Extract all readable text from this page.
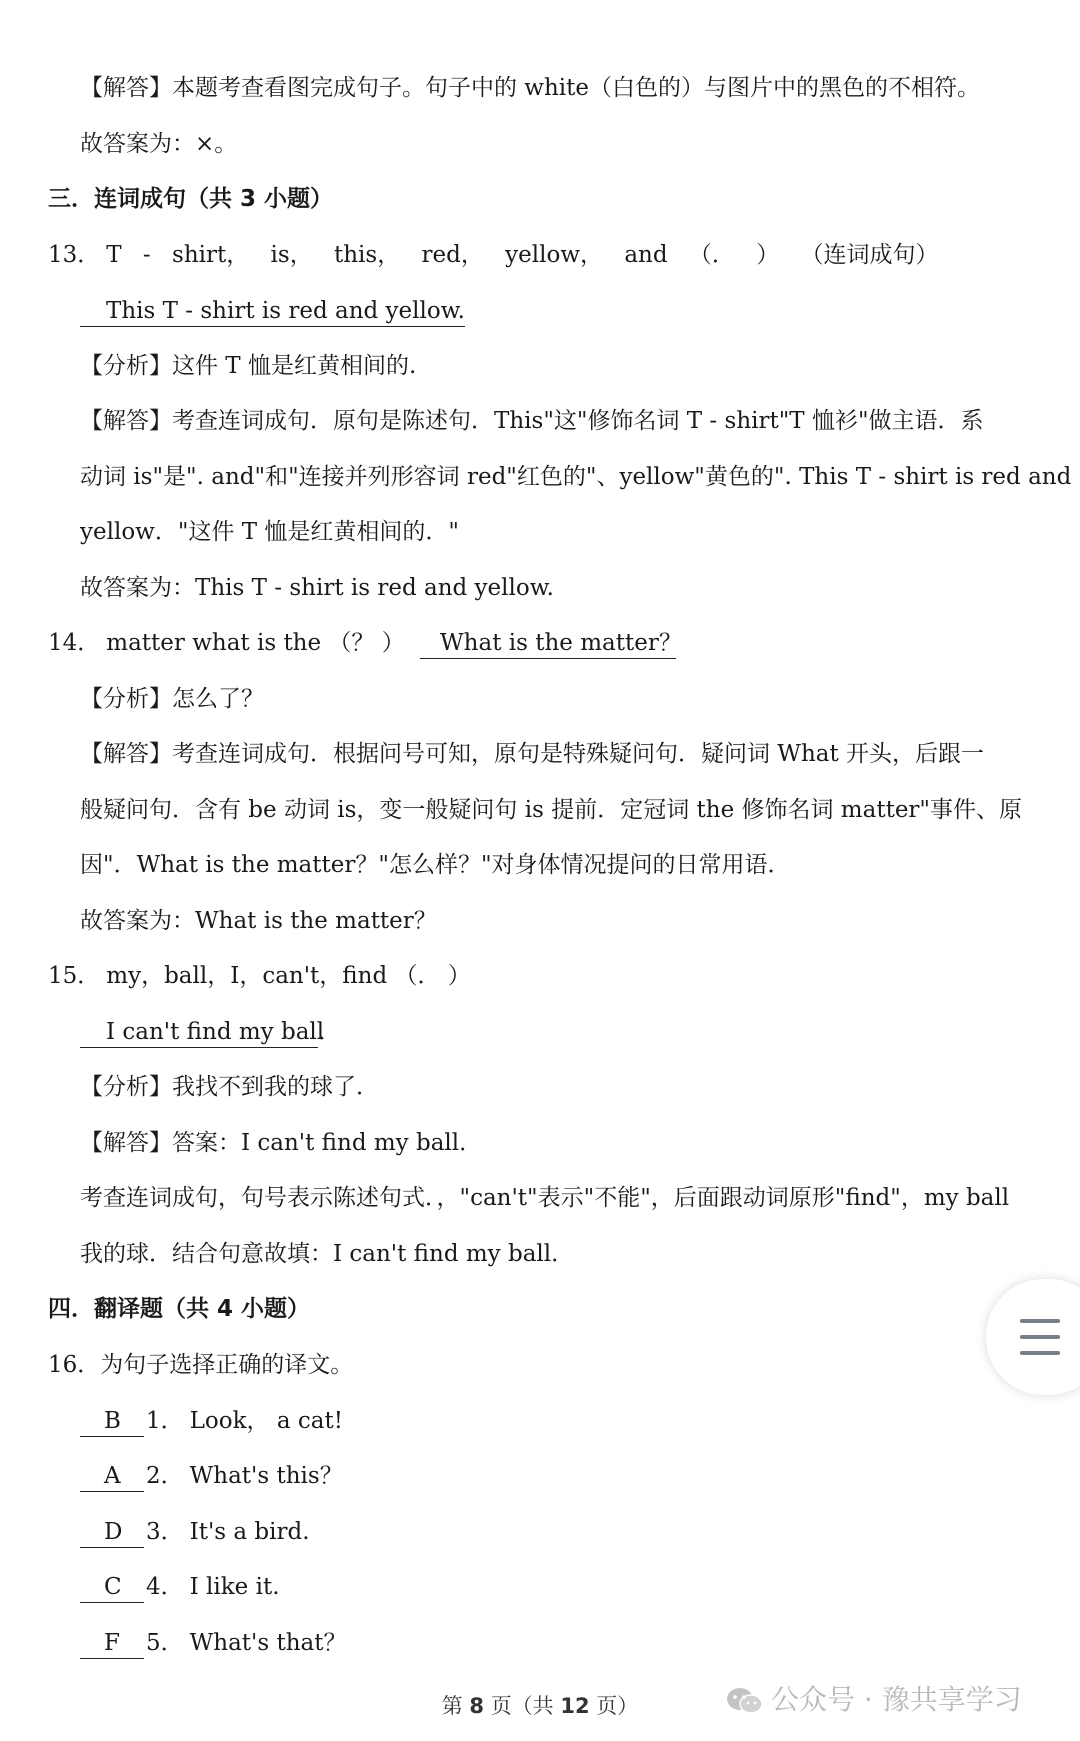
【解答】本题考查看图完成句子。句子中的 white（白色的）与图片中的黑色的不相符。
故答案为：×。
三．连词成句（共 3 小题）
13． T - shirt， is， this， red， yellow， and （． ） （连词成句）
This T - shirt is red and yellow.
【分析】这件 T 恤是红黄相间的.
【解答】考查连词成句．原句是陈述句．This"这"修饰名词 T - shirt"T 恤衫"做主语．系
动词 is"是". and"和"连接并列形容词 red"红色的"、yellow"黄色的". This T - shirt is red and
yellow．"这件 T 恤是红黄相间的．"
故答案为：This T - shirt is red and yellow.
14． matter what is the （？ ） What is the matter？
【分析】怎么了？
【解答】考查连词成句．根据问号可知，原句是特殊疑问句．疑问词 What 开头，后跟一
般疑问句．含有 be 动词 is，变一般疑问句 is 提前．定冠词 the 修饰名词 matter"事件、原
因"．What is the matter？"怎么样？"对身体情况提问的日常用语．
故答案为：What is the matter？
15． my，ball，I，can't，find （． ）
I can't find my ball．
【分析】我找不到我的球了．
【解答】答案：I can't find my ball．
考查连词成句，句号表示陈述句式．，"can't"表示"不能"，后面跟动词原形"find"，my ball
我的球．结合句意故填：I can't find my ball．
四．翻译题（共 4 小题）
16．为句子选择正确的译文。
B 1． Look， a cat!
A 2． What's this？
D 3． It's a bird.
C 4． I like it.
F 5． What's that？
第 8 页（共 12 页）	公众号 · 豫共享学习
